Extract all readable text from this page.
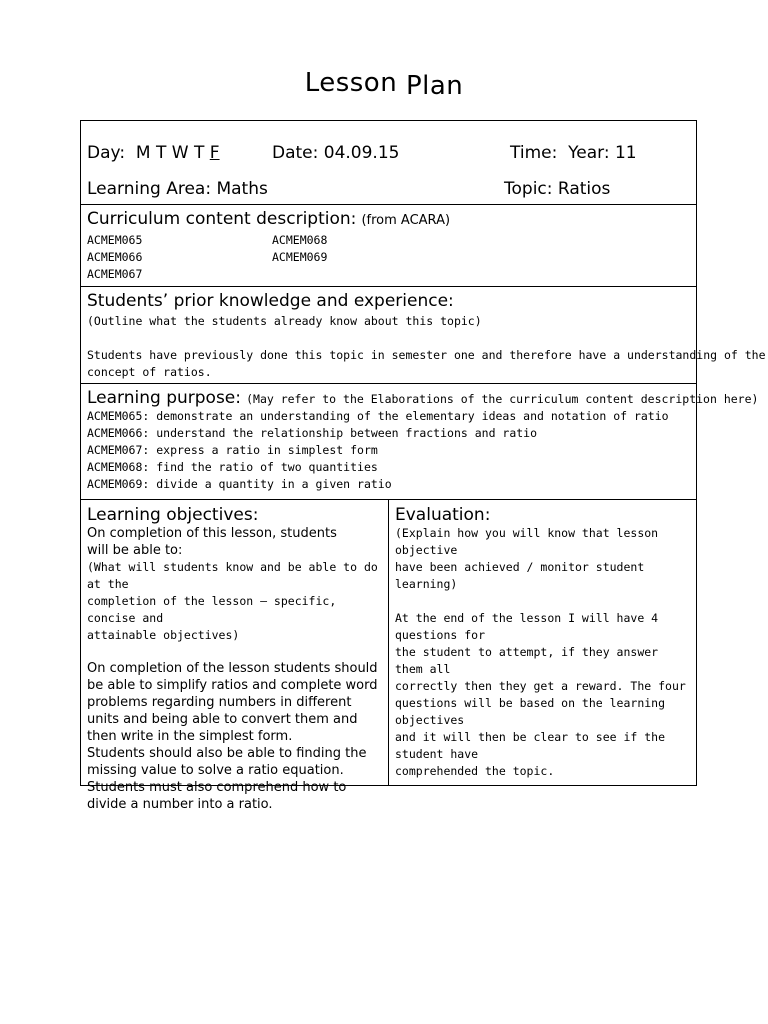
Lesson Plan
Day: M T W T F	Date: 04.09.15	Time: Year: 11
Learning Area: Maths	Topic: Ratios
Curriculum content description: (from ACARA)
ACMEM065
ACMEM066
ACMEM067
ACMEM068
ACMEM069
Students’ prior knowledge and experience:
(Outline what the students already know about this topic)
Students have previously done this topic in semester one and therefore have a understanding of the
concept of ratios.
Learning purpose: (May refer to the Elaborations of the curriculum content description here)
ACMEM065: demonstrate an understanding of the elementary ideas and notation of ratio
ACMEM066: understand the relationship between fractions and ratio
ACMEM067: express a ratio in simplest form
ACMEM068: find the ratio of two quantities
ACMEM069: divide a quantity in a given ratio
Learning objectives:
On completion of this lesson, students
will be able to:
(What will students know and be able to do at the
completion of the lesson – specific, concise and
attainable objectives)
On completion of the lesson students should
be able to simplify ratios and complete word
problems regarding numbers in different
units and being able to convert them and
then write in the simplest form.
Students should also be able to finding the
missing value to solve a ratio equation.
Students must also comprehend how to
divide a number into a ratio.
Evaluation:
(Explain how you will know that lesson objective
have been achieved / monitor student learning)
At the end of the lesson I will have 4 questions for
the student to attempt, if they answer them all
correctly then they get a reward. The four
questions will be based on the learning objectives
and it will then be clear to see if the student have
comprehended the topic.
